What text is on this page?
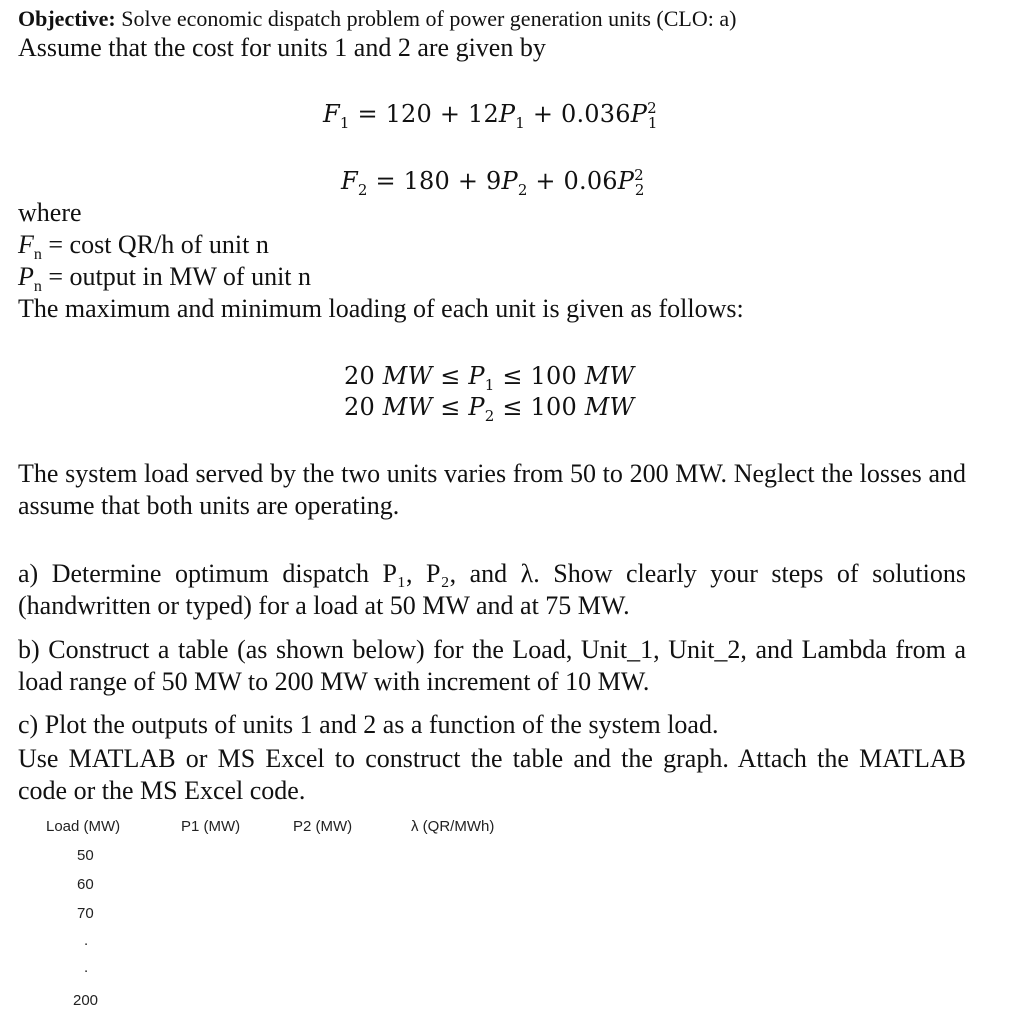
Objective: Solve economic dispatch problem of power generation units (CLO: a)
Assume that the cost for units 1 and 2 are given by
$F_1 = 120 + 12P_1 + 0.036P^2_1$
$F_2 = 180 + 9P_2 + 0.06P^2_2$
where
$F_n = \cos t$ QR/h of unit n
$P_n$ = output in MW of unit n
The maximum and minimum loading of each unit is given as follows:
20 MW ≤ $P_1 \le 100$ MW
20 MW ≤ $P_2 \le 100$ MW
The system load served by the two units varies from 50 to 200 MW. Neglect the losses and assume that both units are operating.
a) Determine optimum dispatch P₁, P₂, and λ. Show clearly your steps of solutions (handwritten or typed) for a load at 50 MW and at 75 MW.
b) Construct a table (as shown below) for the Load, Unit_1, Unit_2, and Lambda from a load range of 50 MW to 200 MW with increment of 10 MW.
c) Plot the outputs of units 1 and 2 as a function of the system load.
Use MATLAB or MS Excel to construct the table and the graph. Attach the MATLAB code or the MS Excel code.
Load (MW)	P1 (MW)	P2 (MW)	λ (QR/MWh)
50
60
70
.
.
200
